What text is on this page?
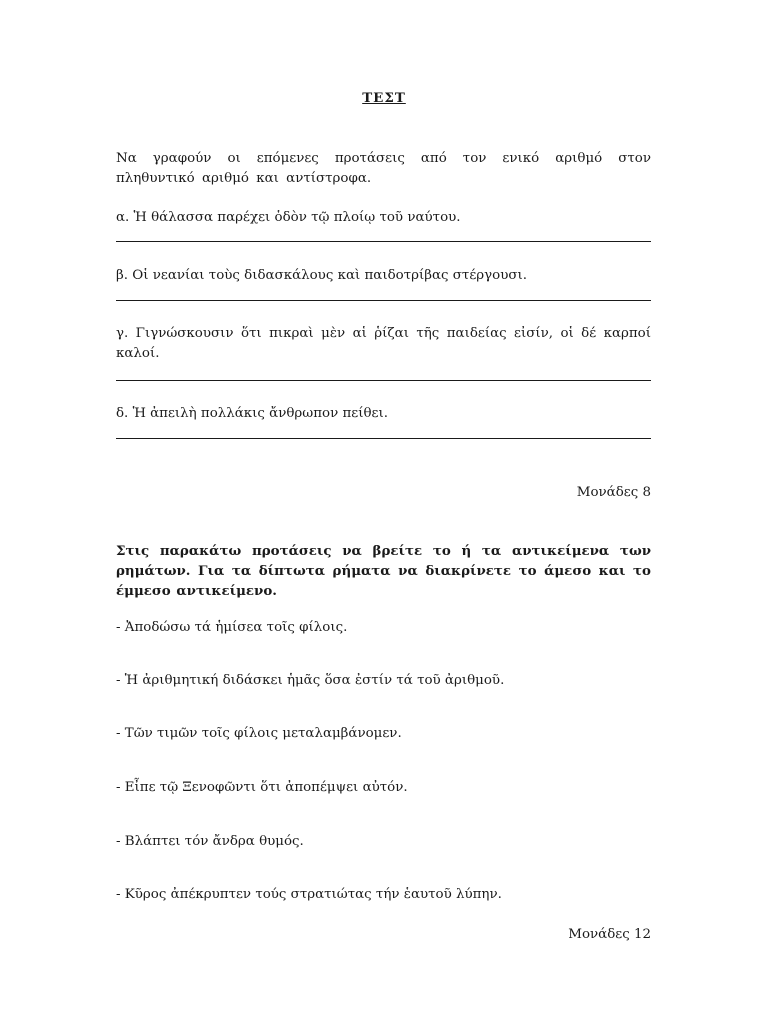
ΤΕΣΤ
Να γραφούν οι επόμενες προτάσεις από τον ενικό αριθμό στον πληθυντικό αριθμό και αντίστροφα.
α. Ἡ θάλασσα παρέχει ὁδὸν τῷ πλοίῳ τοῦ ναύτου.
β. Οἱ νεανίαι τοὺς διδασκάλους καὶ παιδοτρίβας στέργουσι.
γ. Γιγνώσκουσιν ὅτι πικραὶ μὲν αἱ ῥίζαι τῆς παιδείας εἰσίν, οἱ δέ καρποί καλοί.
δ. Ἡ ἀπειλὴ πολλάκις ἄνθρωπον πείθει.
Μονάδες 8
Στις παρακάτω προτάσεις να βρείτε το ή τα αντικείμενα των ρημάτων. Για τα δίπτωτα ρήματα να διακρίνετε το άμεσο και το έμμεσο αντικείμενο.
- Ἀποδώσω τά ἡμίσεα τοῖς φίλοις.
- Ἡ ἀριθμητική διδάσκει ἡμᾶς ὅσα ἐστίν τά τοῦ ἀριθμοῦ.
- Τῶν τιμῶν τοῖς φίλοις μεταλαμβάνομεν.
- Εἶπε τῷ Ξενοφῶντι ὅτι ἀποπέμψει αὐτόν.
- Βλάπτει τόν ἄνδρα θυμός.
- Κῦρος ἀπέκρυπτεν τούς στρατιώτας τήν ἑαυτοῦ λύπην.
Μονάδες 12
